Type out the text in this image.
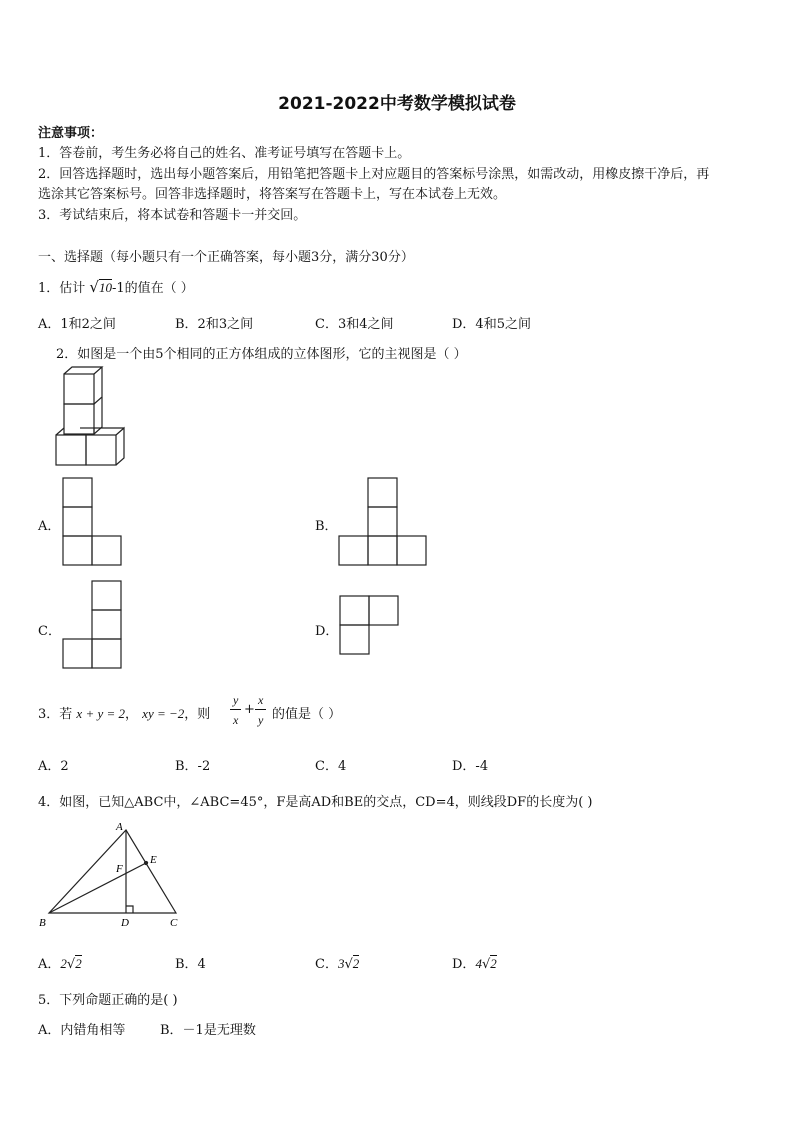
2021-2022中考数学模拟试卷
注意事项：
1．答卷前，考生务必将自己的姓名、准考证号填写在答题卡上。
2．回答选择题时，选出每小题答案后，用铅笔把答题卡上对应题目的答案标号涂黑，如需改动，用橡皮擦干净后，再
选涂其它答案标号。回答非选择题时，将答案写在答题卡上，写在本试卷上无效。
3．考试结束后，将本试卷和答题卡一并交回。
一、选择题（每小题只有一个正确答案，每小题3分，满分30分）
1．估计 √10-1的值在（ ）
A．1和2之间	B．2和3之间	C．3和4之间	D．4和5之间
2．如图是一个由5个相同的正方体组成的立体图形，它的主视图是（ ）
A．	B．
C．	D．
3．若 x + y = 2， xy = −2，则
y
x
+
x
y 的值是（ ）
A．2	B．-2	C．4	D．-4
4．如图，已知△ABC中，∠ABC=45°，F是高AD和BE的交点，CD=4，则线段DF的长度为( )
A
B	C
D
E
F
A．2√2	B．4	C．3√2	D．4√2
5．下列命题正确的是( )
A．内错角相等	B．－1是无理数
